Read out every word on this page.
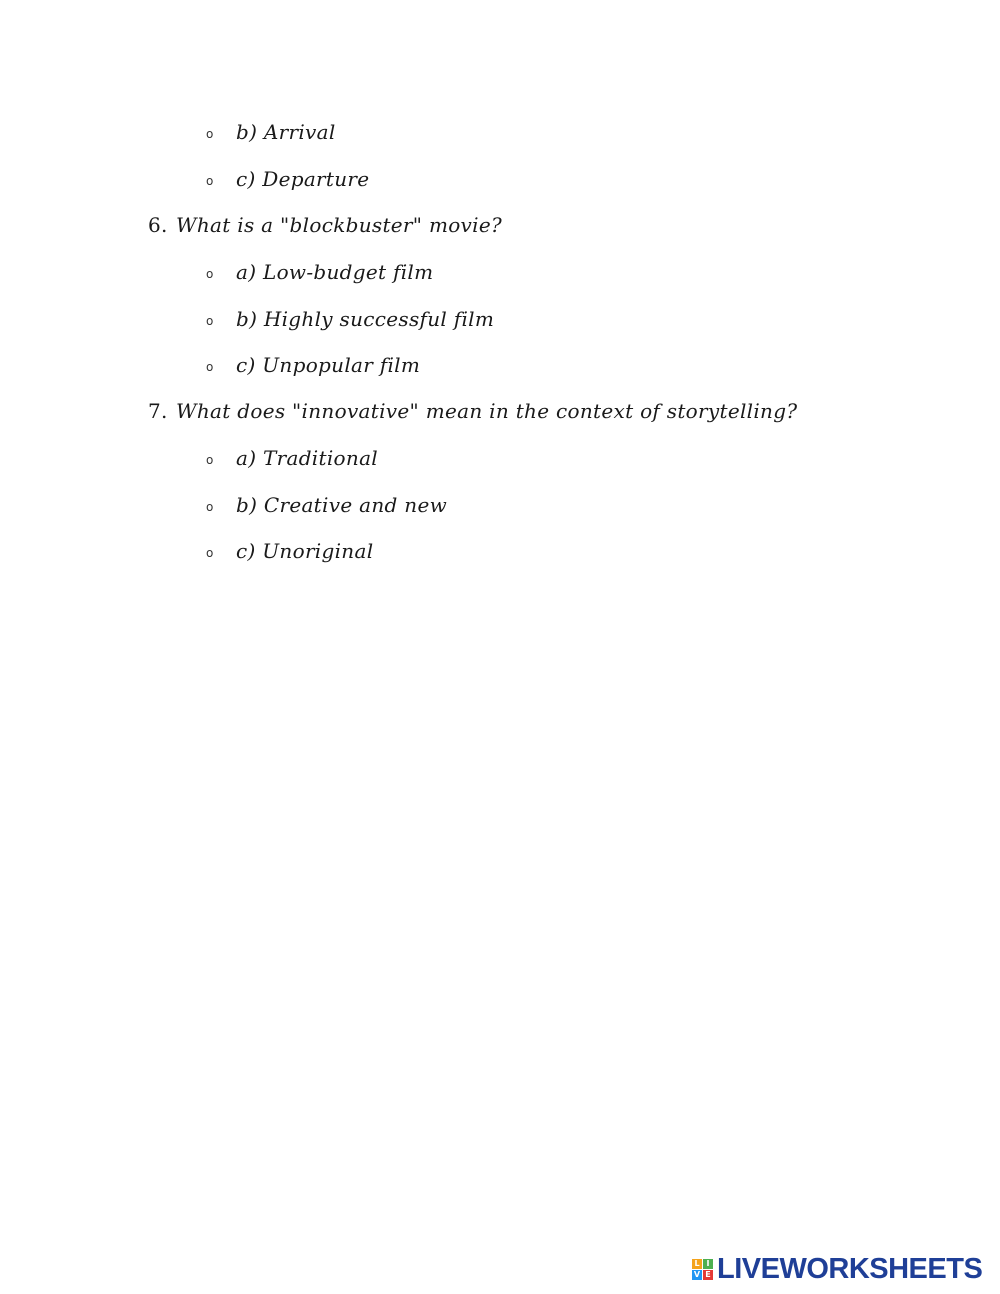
o b) Arrival
o c) Departure
6. What is a "blockbuster" movie?
o a) Low-budget film
o b) Highly successful film
o c) Unpopular film
7. What does "innovative" mean in the context of storytelling?
o a) Traditional
o b) Creative and new
o c) Unoriginal
L I
V E LIVEWORKSHEETS
